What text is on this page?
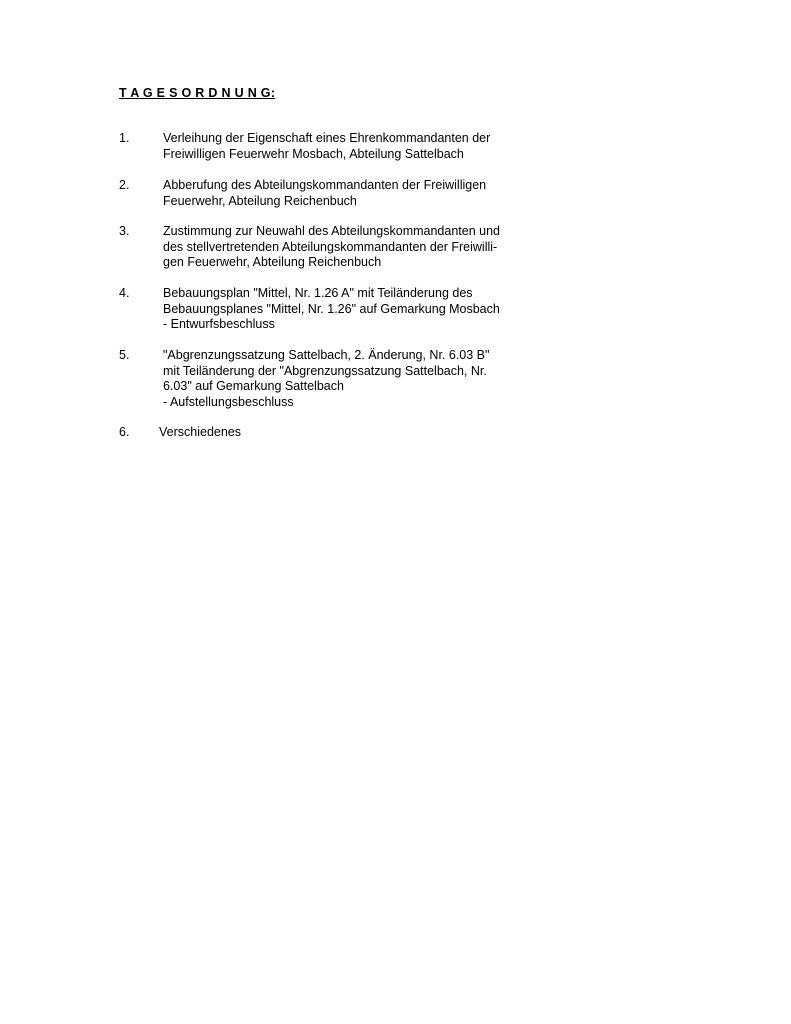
T A G E S O R D N U N G:
1.	Verleihung der Eigenschaft eines Ehrenkommandanten der
Freiwilligen Feuerwehr Mosbach, Abteilung Sattelbach
2.	Abberufung des Abteilungskommandanten der Freiwilligen
Feuerwehr, Abteilung Reichenbuch
3.	Zustimmung zur Neuwahl des Abteilungskommandanten und
des stellvertretenden Abteilungskommandanten der Freiwilli-
gen Feuerwehr, Abteilung Reichenbuch
4.	Bebauungsplan "Mittel, Nr. 1.26 A" mit Teiländerung des
Bebauungsplanes "Mittel, Nr. 1.26" auf Gemarkung Mosbach
- Entwurfsbeschluss
5.	"Abgrenzungssatzung Sattelbach, 2. Änderung, Nr. 6.03 B"
mit Teiländerung der "Abgrenzungssatzung Sattelbach, Nr.
6.03" auf Gemarkung Sattelbach
- Aufstellungsbeschluss
6.	Verschiedenes
